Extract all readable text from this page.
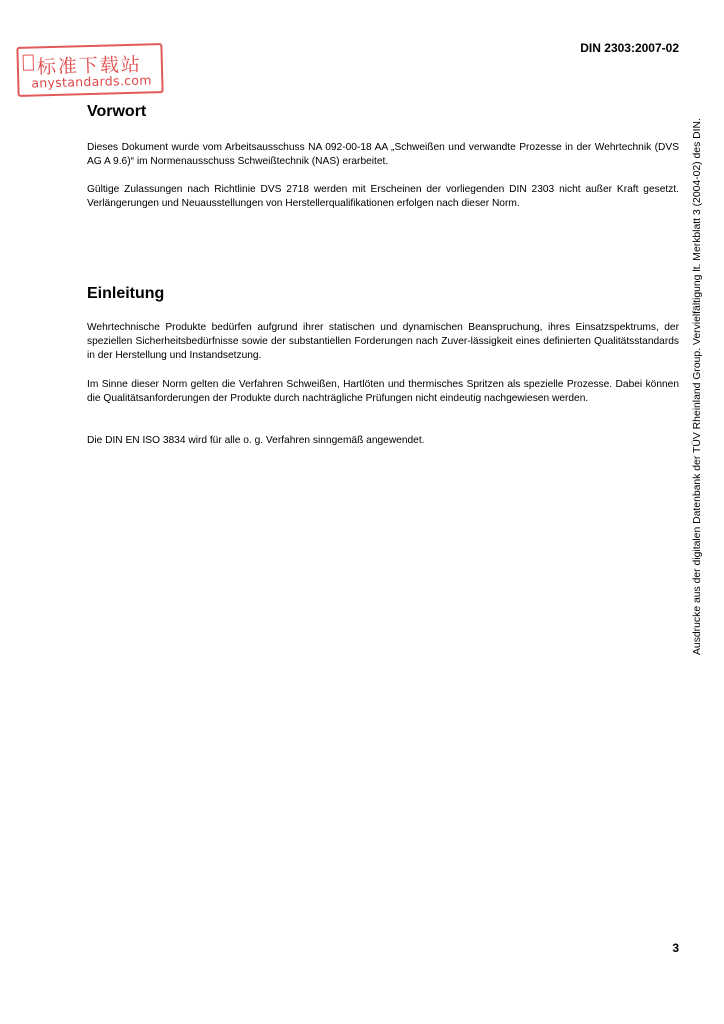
DIN 2303:2007-02
标准下载站
anystandards.com
Vorwort

Dieses Dokument wurde vom Arbeitsausschuss NA 092-00-18 AA „Schweißen und verwandte Prozesse in der Wehrtechnik (DVS AG A 9.6)“ im Normenausschuss Schweißtechnik (NAS) erarbeitet.

Gültige Zulassungen nach Richtlinie DVS 2718 werden mit Erscheinen der vorliegenden DIN 2303 nicht außer Kraft gesetzt. Verlängerungen und Neuausstellungen von Herstellerqualifikationen erfolgen nach dieser Norm.

Einleitung

Wehrtechnische Produkte bedürfen aufgrund ihrer statischen und dynamischen Beanspruchung, ihres Einsatzspektrums, der speziellen Sicherheitsbedürfnisse sowie der substantiellen Forderungen nach Zuver-lässigkeit eines definierten Qualitätsstandards in der Herstellung und Instandsetzung.

Im Sinne dieser Norm gelten die Verfahren Schweißen, Hartlöten und thermisches Spritzen als spezielle Prozesse. Dabei können die Qualitätsanforderungen der Produkte durch nachträgliche Prüfungen nicht eindeutig nachgewiesen werden.

Die DIN EN ISO 3834 wird für alle o. g. Verfahren sinngemäß angewendet.	Ausdrucke aus der digitalen Datenbank der TÜV Rheinland Group. Vervielfältigung lt. Merkblatt 3 (2004-02) des DIN.
3
